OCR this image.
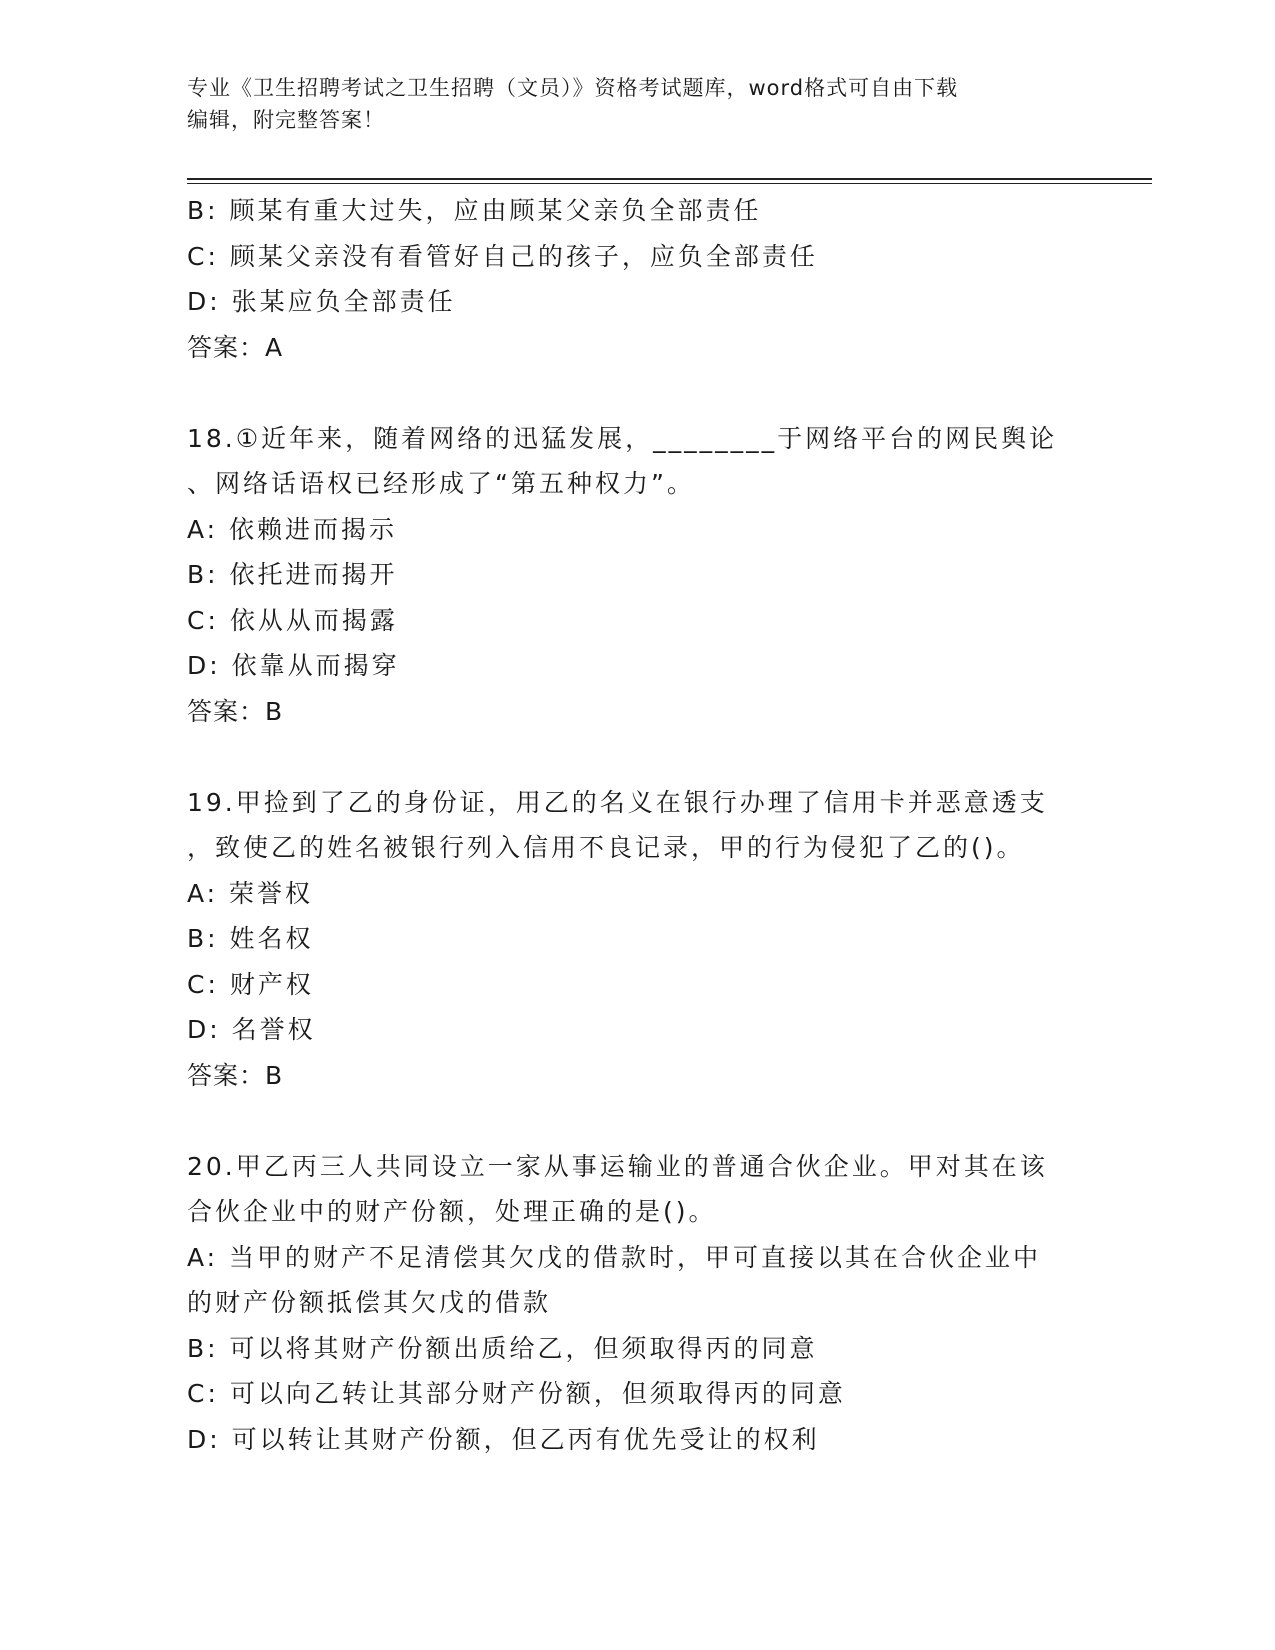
专业《卫生招聘考试之卫生招聘（文员）》资格考试题库，word格式可自由下载
编辑，附完整答案！
B: 顾某有重大过失，应由顾某父亲负全部责任
C: 顾某父亲没有看管好自己的孩子，应负全部责任
D: 张某应负全部责任
答案：A
18.①近年来，随着网络的迅猛发展，________于网络平台的网民舆论
、网络话语权已经形成了“第五种权力”。
A: 依赖进而揭示
B: 依托进而揭开
C: 依从从而揭露
D: 依靠从而揭穿
答案：B
19.甲捡到了乙的身份证，用乙的名义在银行办理了信用卡并恶意透支
，致使乙的姓名被银行列入信用不良记录，甲的行为侵犯了乙的()。
A: 荣誉权
B: 姓名权
C: 财产权
D: 名誉权
答案：B
20.甲乙丙三人共同设立一家从事运输业的普通合伙企业。甲对其在该
合伙企业中的财产份额，处理正确的是()。
A: 当甲的财产不足清偿其欠戊的借款时，甲可直接以其在合伙企业中
的财产份额抵偿其欠戊的借款
B: 可以将其财产份额出质给乙，但须取得丙的同意
C: 可以向乙转让其部分财产份额，但须取得丙的同意
D: 可以转让其财产份额，但乙丙有优先受让的权利
